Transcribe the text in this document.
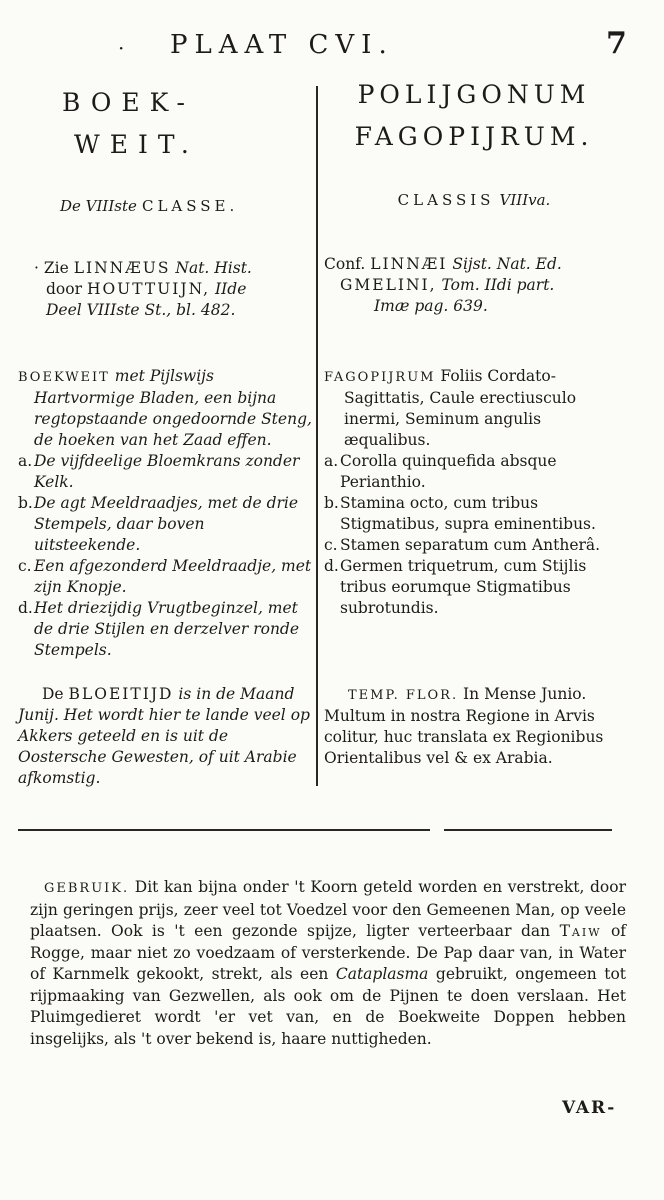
· PLAAT CVI.	7
BOEK-
WEIT.
De VIIIste CLASSE.
· Zie LINNÆUS Nat. Hist.
door HOUTTUIJN, IIde
Deel VIIIste St., bl. 482.
BOEKWEIT met Pijlswijs Hartvormige Bladen, een bijna regtopstaande ongedoornde Steng, de hoeken van het Zaad effen.
a. De vijfdeelige Bloemkrans zonder Kelk.
b. De agt Meeldraadjes, met de drie Stempels, daar boven uitsteekende.
c. Een afgezonderd Meeldraadje, met zijn Knopje.
d. Het driezijdig Vrugtbeginzel, met de drie Stijlen en derzelver ronde Stempels.
De BLOEITIJD is in de Maand Junij. Het wordt hier te lande veel op Akkers geteeld en is uit de Oostersche Gewesten, of uit Arabie afkomstig.
POLIJGONUM
FAGOPIJRUM.
CLASSIS VIIIva.
Conf. LINNÆI Sijst. Nat. Ed.
GMELINI, Tom. IIdi part.
Imæ pag. 639.
FAGOPIJRUM Foliis Cordato-Sagittatis, Caule erectiusculo inermi, Seminum angulis æqualibus.
a. Corolla quinquefida absque Perianthio.
b. Stamina octo, cum tribus Stigmatibus, supra eminentibus.
c. Stamen separatum cum Antherâ.
d. Germen triquetrum, cum Stijlis tribus eorumque Stigmatibus subrotundis.
TEMP. FLOR. In Mense Junio. Multum in nostra Regione in Arvis colitur, huc translata ex Regionibus Orientalibus vel & ex Arabia.
GEBRUIK. Dit kan bijna onder 't Koorn geteld worden en verstrekt, door zijn geringen prijs, zeer veel tot Voedzel voor den Gemeenen Man, op veele plaatsen. Ook is 't een gezonde spijze, ligter verteerbaar dan Taiw of Rogge, maar niet zo voedzaam of versterkende. De Pap daar van, in Water of Karnmelk gekookt, strekt, als een Cataplasma gebruikt, ongemeen tot rijpmaaking van Gezwellen, als ook om de Pijnen te doen verslaan. Het Pluimgedieret wordt 'er vet van, en de Boekweite Doppen hebben insgelijks, als 't over bekend is, haare nuttigheden.
VAR-
